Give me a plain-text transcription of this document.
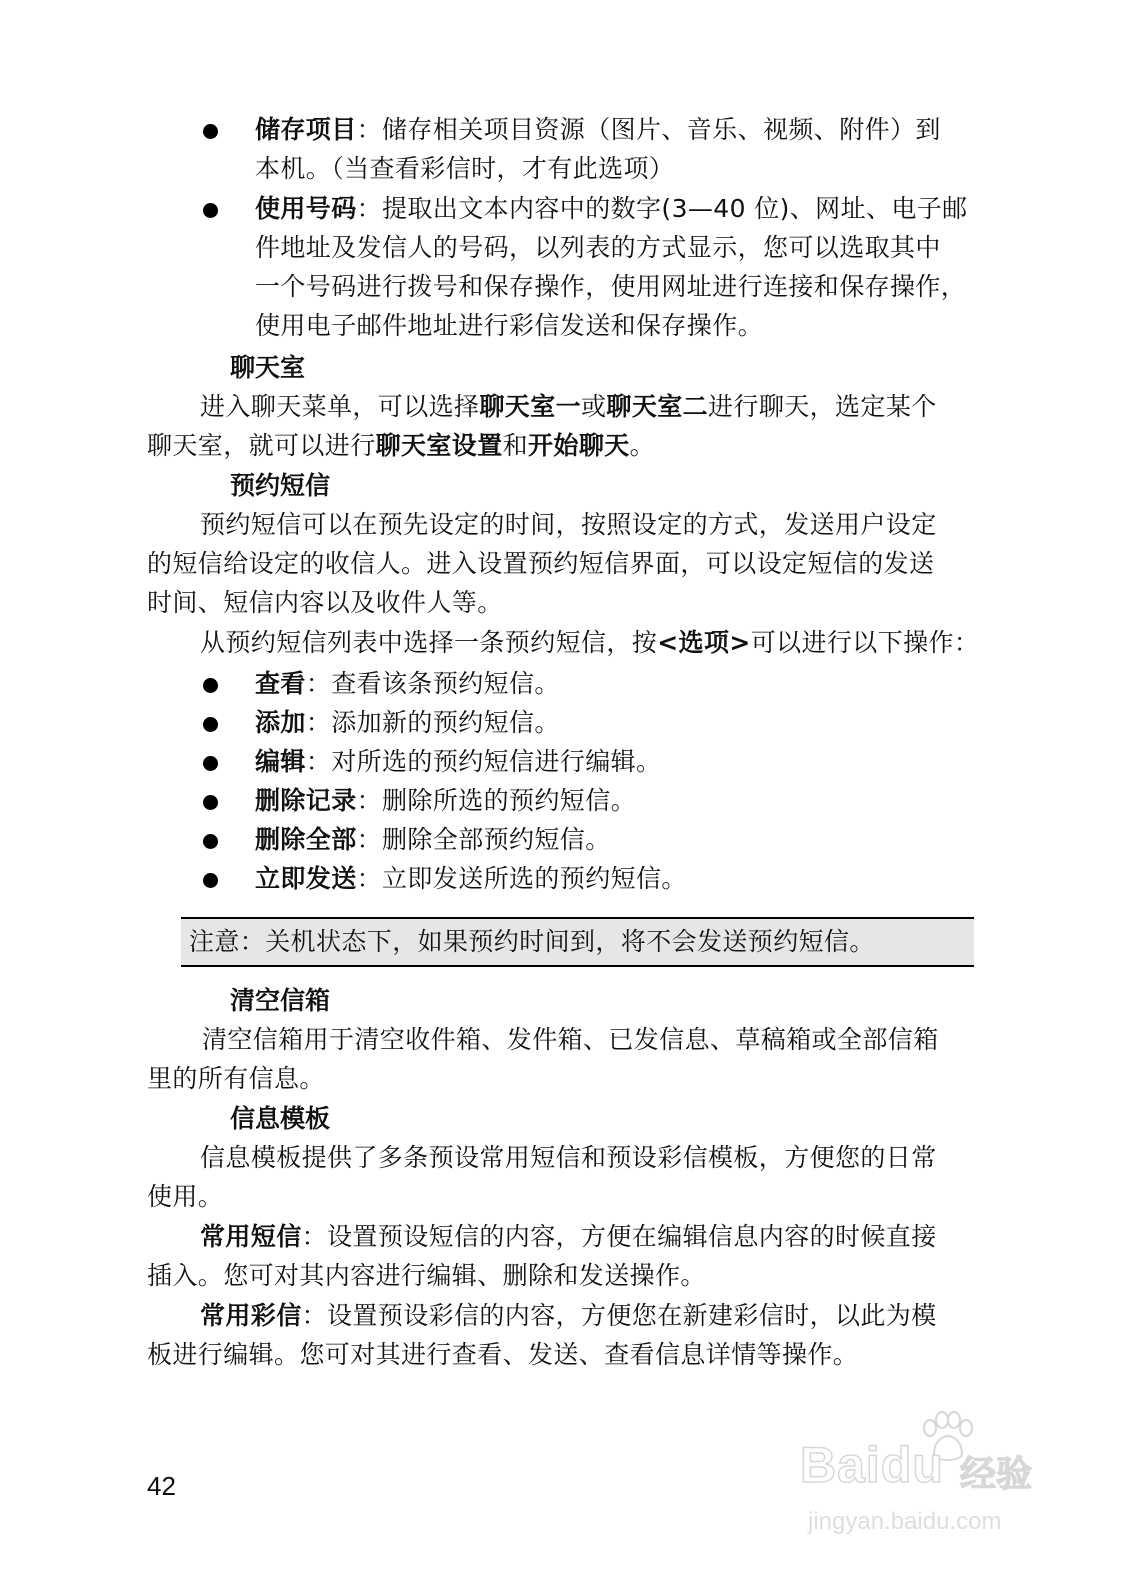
储存项目：储存相关项目资源（图片、音乐、视频、附件）到
本机。（当查看彩信时，才有此选项）
使用号码：提取出文本内容中的数字(3—40 位)、网址、电子邮
件地址及发信人的号码，以列表的方式显示，您可以选取其中
一个号码进行拨号和保存操作，使用网址进行连接和保存操作，
使用电子邮件地址进行彩信发送和保存操作。
聊天室
进入聊天菜单，可以选择聊天室一或聊天室二进行聊天，选定某个
聊天室，就可以进行聊天室设置和开始聊天。
预约短信
预约短信可以在预先设定的时间，按照设定的方式，发送用户设定
的短信给设定的收信人。进入设置预约短信界面，可以设定短信的发送
时间、短信内容以及收件人等。
从预约短信列表中选择一条预约短信，按<选项>可以进行以下操作：
查看：查看该条预约短信。
添加：添加新的预约短信。
编辑：对所选的预约短信进行编辑。
删除记录：删除所选的预约短信。
删除全部：删除全部预约短信。
立即发送：立即发送所选的预约短信。
注意：关机状态下，如果预约时间到，将不会发送预约短信。
清空信箱
清空信箱用于清空收件箱、发件箱、已发信息、草稿箱或全部信箱
里的所有信息。
信息模板
信息模板提供了多条预设常用短信和预设彩信模板，方便您的日常
使用。
常用短信：设置预设短信的内容，方便在编辑信息内容的时候直接
插入。您可对其内容进行编辑、删除和发送操作。
常用彩信：设置预设彩信的内容，方便您在新建彩信时，以此为模
板进行编辑。您可对其进行查看、发送、查看信息详情等操作。
42	Baidu 经验
jingyan.baidu.com
